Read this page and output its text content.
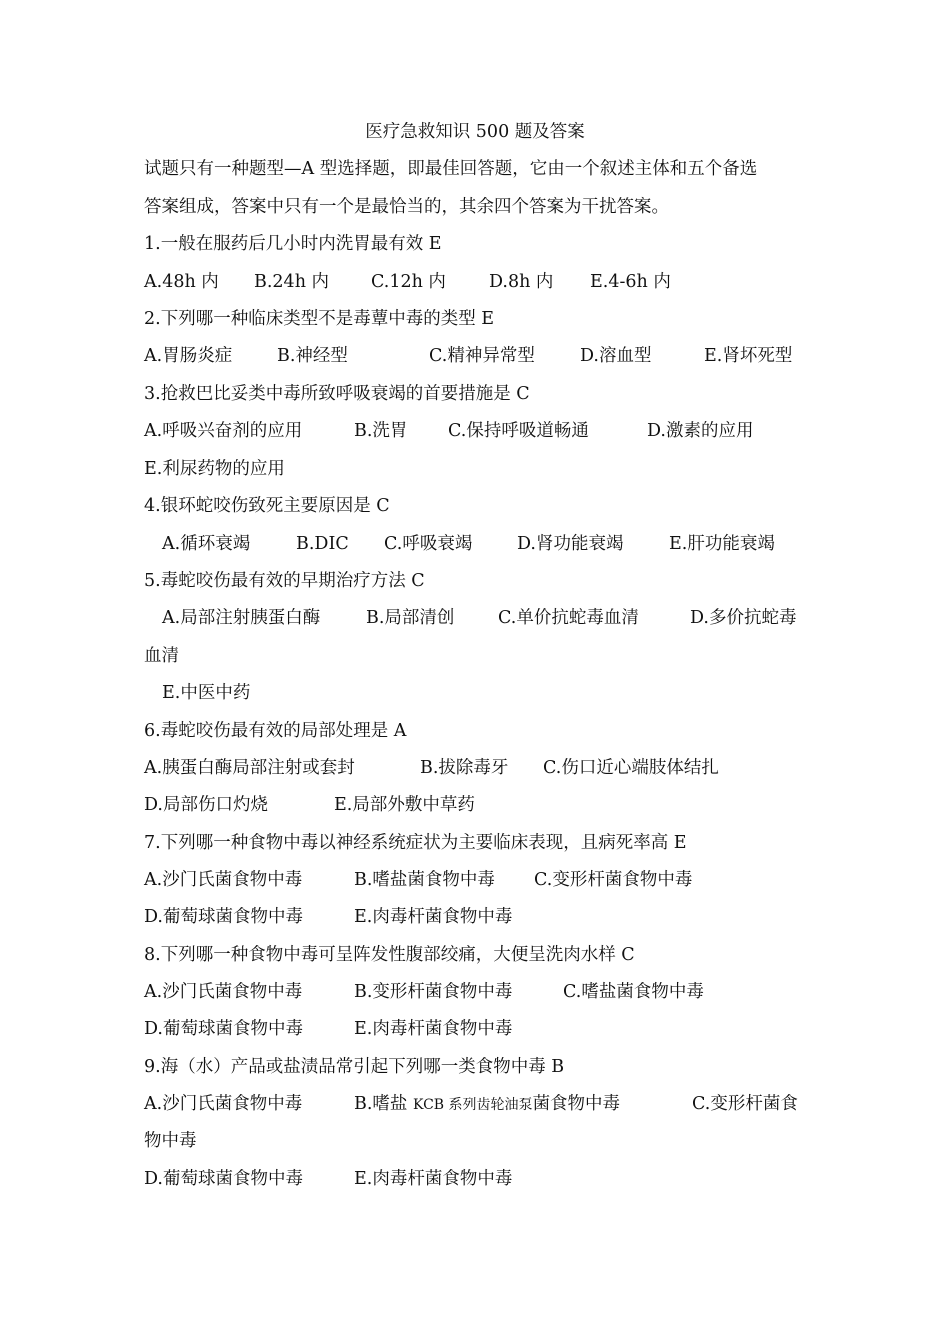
医疗急救知识 500 题及答案
试题只有一种题型—A 型选择题，即最佳回答题，它由一个叙述主体和五个备选
答案组成，答案中只有一个是最恰当的，其余四个答案为干扰答案。
1.一般在服药后几小时内洗胃最有效 E
A.48h 内 B.24h 内 C.12h 内 D.8h 内 E.4-6h 内
2.下列哪一种临床类型不是毒蕈中毒的类型 E
A.胃肠炎症	B.神经型	C.精神异常型	D.溶血型	E.肾坏死型
3.抢救巴比妥类中毒所致呼吸衰竭的首要措施是 C
A.呼吸兴奋剂的应用	B.洗胃 C.保持呼吸道畅通	D.激素的应用
E.利尿药物的应用
4.银环蛇咬伤致死主要原因是 C
A.循环衰竭	B.DIC C.呼吸衰竭	D.肾功能衰竭	E.肝功能衰竭
5.毒蛇咬伤最有效的早期治疗方法 C
A.局部注射胰蛋白酶	B.局部清创 C.单价抗蛇毒血清	D.多价抗蛇毒
血清
E.中医中药
6.毒蛇咬伤最有效的局部处理是 A
A.胰蛋白酶局部注射或套封	B.拔除毒牙 C.伤口近心端肢体结扎
D.局部伤口灼烧	E.局部外敷中草药
7.下列哪一种食物中毒以神经系统症状为主要临床表现，且病死率高 E
A.沙门氏菌食物中毒	B.嗜盐菌食物中毒 C.变形杆菌食物中毒
D.葡萄球菌食物中毒	E.肉毒杆菌食物中毒
8.下列哪一种食物中毒可呈阵发性腹部绞痛，大便呈洗肉水样 C
A.沙门氏菌食物中毒	B.变形杆菌食物中毒	C.嗜盐菌食物中毒
D.葡萄球菌食物中毒	E.肉毒杆菌食物中毒
9.海（水）产品或盐渍品常引起下列哪一类食物中毒 B
A.沙门氏菌食物中毒	B.嗜盐 KCB 系列齿轮油泵菌食物中毒	C.变形杆菌食
物中毒
D.葡萄球菌食物中毒	E.肉毒杆菌食物中毒
